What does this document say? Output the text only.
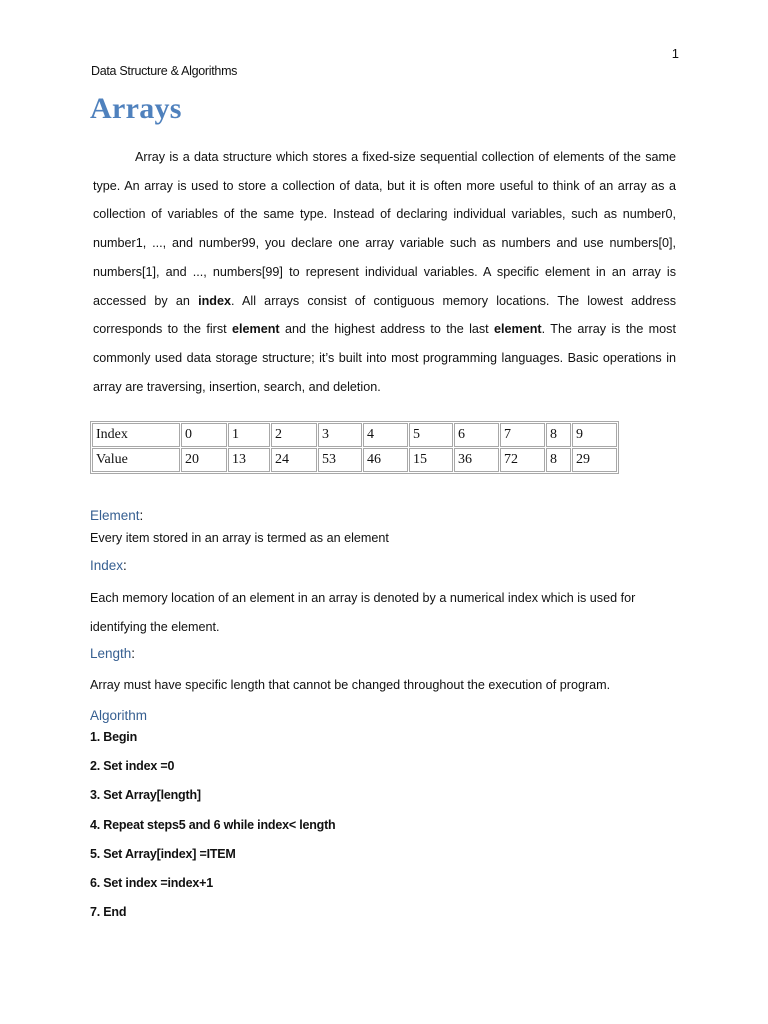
1
Data Structure & Algorithms
Arrays

Array is a data structure which stores a fixed-size sequential collection of elements of the same type. An array is used to store a collection of data, but it is often more useful to think of an array as a collection of variables of the same type. Instead of declaring individual variables, such as number0, number1, ..., and number99, you declare one array variable such as numbers and use numbers[0], numbers[1], and ..., numbers[99] to represent individual variables. A specific element in an array is accessed by an index. All arrays consist of contiguous memory locations. The lowest address corresponds to the first element and the highest address to the last element. The array is the most commonly used data storage structure; it’s built into most programming languages. Basic operations in array are traversing, insertion, search, and deletion.

Index	0	1	2	3	4	5	6	7	8	9
Value	20	13	24	53	46	15	36	72	8	29
Element:

Every item stored in an array is termed as an element

Index:

Each memory location of an element in an array is denoted by a numerical index which is used for identifying the element.

Length:

Array must have specific length that cannot be changed throughout the execution of program.

Algorithm
1. Begin
2. Set index =0
3. Set Array[length]
4. Repeat steps5 and 6 while index< length
5. Set Array[index] =ITEM
6. Set index =index+1
7. End
